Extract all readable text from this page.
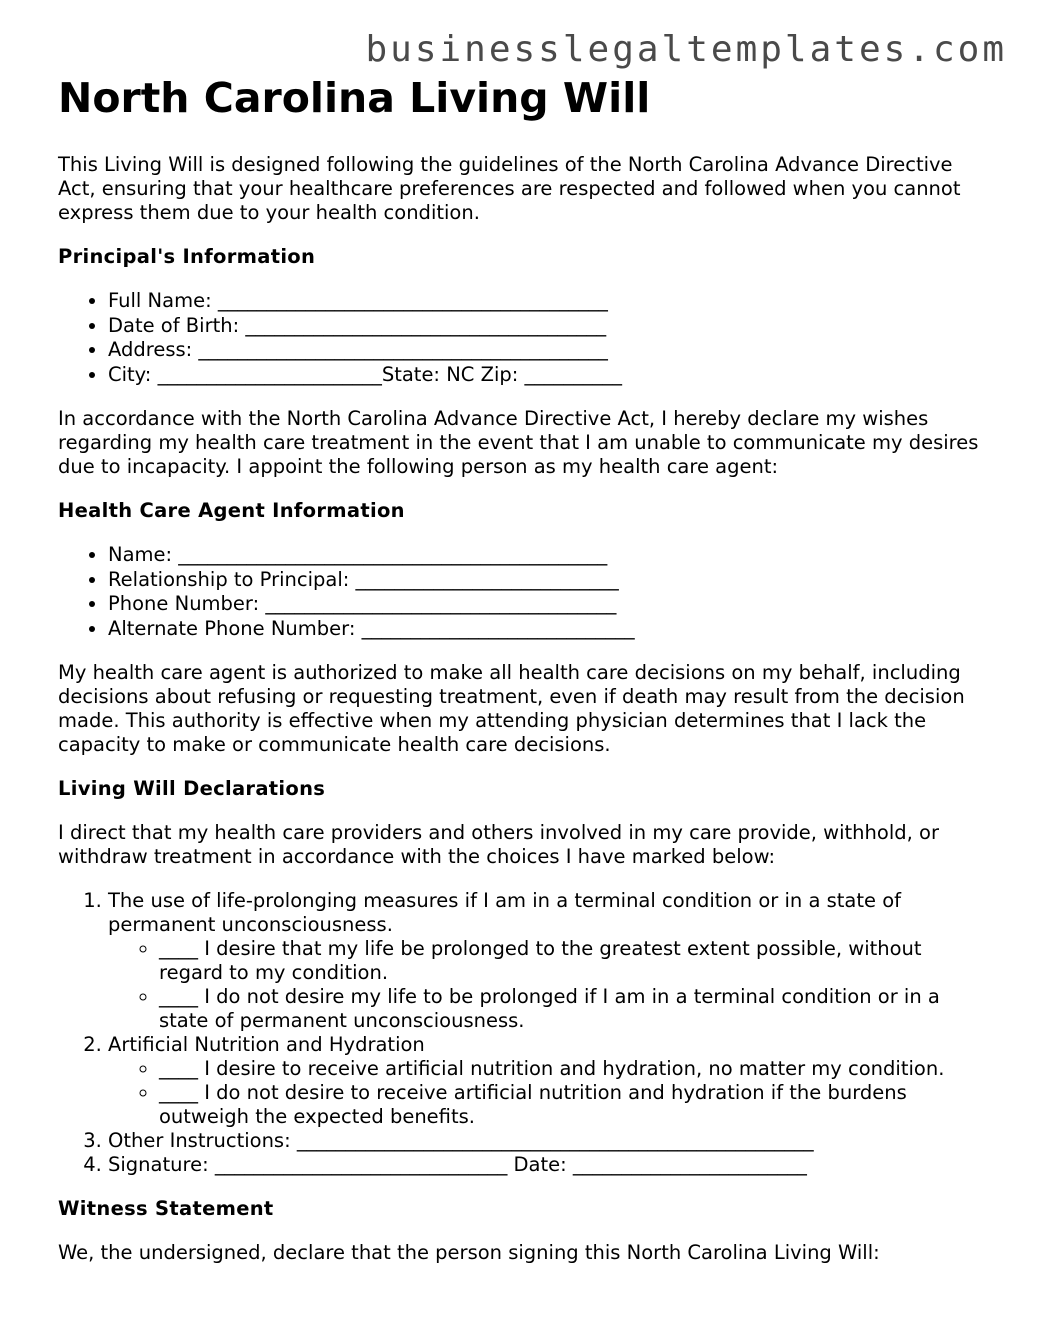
businesslegaltemplates.com
North Carolina Living Will

This Living Will is designed following the guidelines of the North Carolina Advance Directive Act, ensuring that your healthcare preferences are respected and followed when you cannot express them due to your health condition.

Principal's Information
• Full Name: ________________________________________
• Date of Birth: _____________________________________
• Address: __________________________________________
• City: _______________________State: NC Zip: __________

In accordance with the North Carolina Advance Directive Act, I hereby declare my wishes regarding my health care treatment in the event that I am unable to communicate my desires due to incapacity. I appoint the following person as my health care agent:

Health Care Agent Information
• Name: ____________________________________________
• Relationship to Principal: ___________________________
• Phone Number: ____________________________________
• Alternate Phone Number: ____________________________

My health care agent is authorized to make all health care decisions on my behalf, including decisions about refusing or requesting treatment, even if death may result from the decision made. This authority is effective when my attending physician determines that I lack the capacity to make or communicate health care decisions.

Living Will Declarations

I direct that my health care providers and others involved in my care provide, withhold, or withdraw treatment in accordance with the choices I have marked below:

1. The use of life-prolonging measures if I am in a terminal condition or in a state of permanent unconsciousness.
◦ ____ I desire that my life be prolonged to the greatest extent possible, without regard to my condition.
◦ ____ I do not desire my life to be prolonged if I am in a terminal condition or in a state of permanent unconsciousness.
2. Artificial Nutrition and Hydration
◦ ____ I desire to receive artificial nutrition and hydration, no matter my condition.
◦ ____ I do not desire to receive artificial nutrition and hydration if the burdens outweigh the expected benefits.
3. Other Instructions: _____________________________________________________
4. Signature: ______________________________ Date: ________________________
Witness Statement

We, the undersigned, declare that the person signing this North Carolina Living Will:
